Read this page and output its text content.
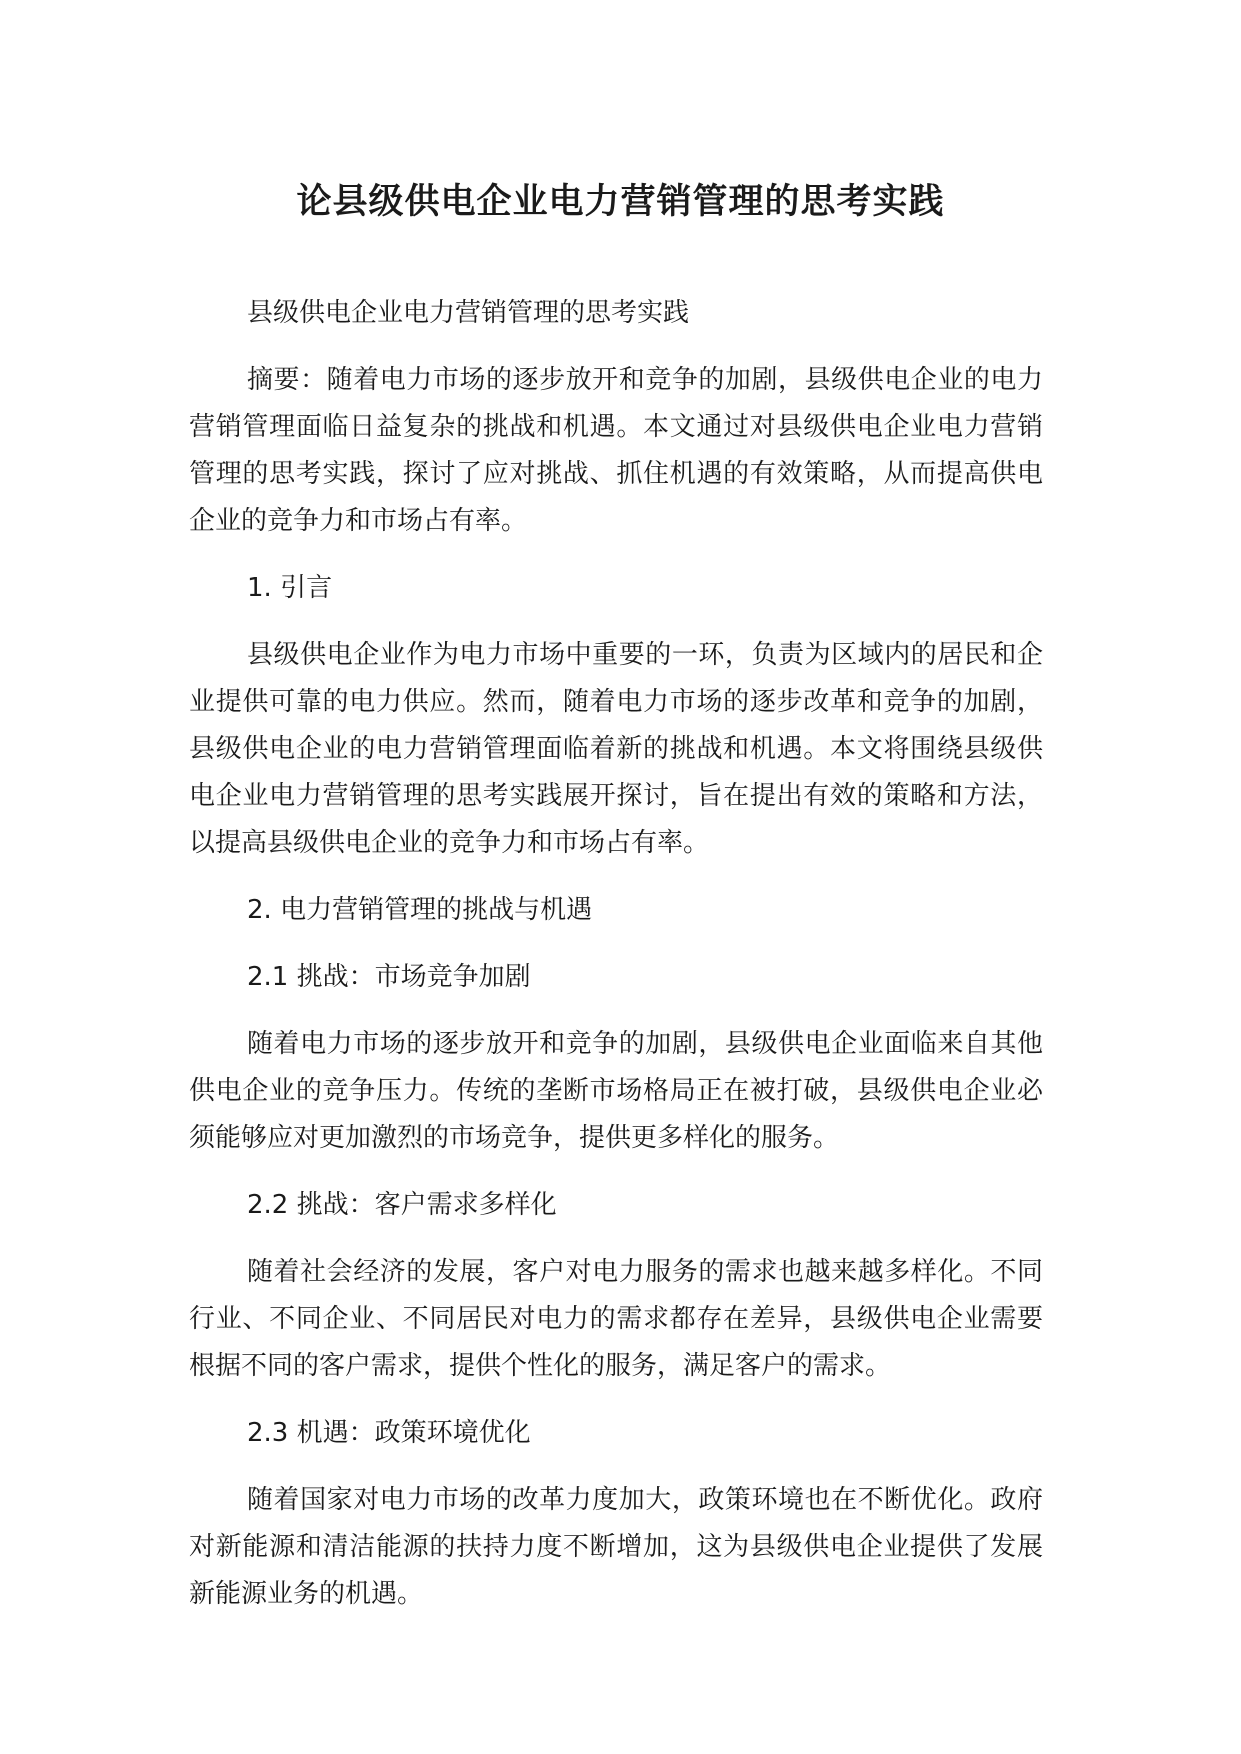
论县级供电企业电力营销管理的思考实践

县级供电企业电力营销管理的思考实践

摘要：随着电力市场的逐步放开和竞争的加剧，县级供电企业的电力营销管理面临日益复杂的挑战和机遇。本文通过对县级供电企业电力营销管理的思考实践，探讨了应对挑战、抓住机遇的有效策略，从而提高供电企业的竞争力和市场占有率。

1. 引言

县级供电企业作为电力市场中重要的一环，负责为区域内的居民和企业提供可靠的电力供应。然而，随着电力市场的逐步改革和竞争的加剧，县级供电企业的电力营销管理面临着新的挑战和机遇。本文将围绕县级供电企业电力营销管理的思考实践展开探讨，旨在提出有效的策略和方法，以提高县级供电企业的竞争力和市场占有率。

2. 电力营销管理的挑战与机遇

2.1 挑战：市场竞争加剧

随着电力市场的逐步放开和竞争的加剧，县级供电企业面临来自其他供电企业的竞争压力。传统的垄断市场格局正在被打破，县级供电企业必须能够应对更加激烈的市场竞争，提供更多样化的服务。

2.2 挑战：客户需求多样化

随着社会经济的发展，客户对电力服务的需求也越来越多样化。不同行业、不同企业、不同居民对电力的需求都存在差异，县级供电企业需要根据不同的客户需求，提供个性化的服务，满足客户的需求。

2.3 机遇：政策环境优化

随着国家对电力市场的改革力度加大，政策环境也在不断优化。政府对新能源和清洁能源的扶持力度不断增加，这为县级供电企业提供了发展新能源业务的机遇。
